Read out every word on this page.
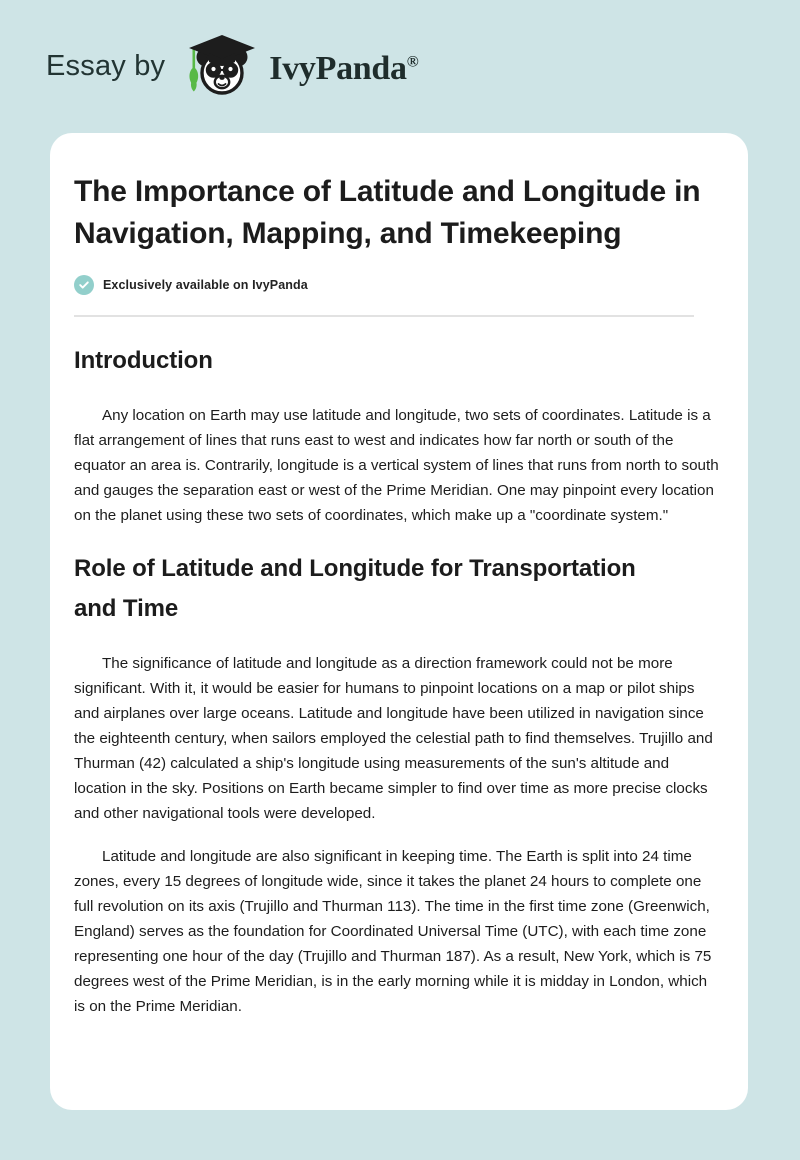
Essay by	IvyPanda®
The Importance of Latitude and Longitude in Navigation, Mapping, and Timekeeping
Exclusively available on IvyPanda
Introduction

Any location on Earth may use latitude and longitude, two sets of coordinates. Latitude is a flat arrangement of lines that runs east to west and indicates how far north or south of the equator an area is. Contrarily, longitude is a vertical system of lines that runs from north to south and gauges the separation east or west of the Prime Meridian. One may pinpoint every location on the planet using these two sets of coordinates, which make up a "coordinate system."

Role of Latitude and Longitude for Transportation and Time

The significance of latitude and longitude as a direction framework could not be more significant. With it, it would be easier for humans to pinpoint locations on a map or pilot ships and airplanes over large oceans. Latitude and longitude have been utilized in navigation since the eighteenth century, when sailors employed the celestial path to find themselves. Trujillo and Thurman (42) calculated a ship's longitude using measurements of the sun's altitude and location in the sky. Positions on Earth became simpler to find over time as more precise clocks and other navigational tools were developed.

Latitude and longitude are also significant in keeping time. The Earth is split into 24 time zones, every 15 degrees of longitude wide, since it takes the planet 24 hours to complete one full revolution on its axis (Trujillo and Thurman 113). The time in the first time zone (Greenwich, England) serves as the foundation for Coordinated Universal Time (UTC), with each time zone representing one hour of the day (Trujillo and Thurman 187). As a result, New York, which is 75 degrees west of the Prime Meridian, is in the early morning while it is midday in London, which is on the Prime Meridian.
